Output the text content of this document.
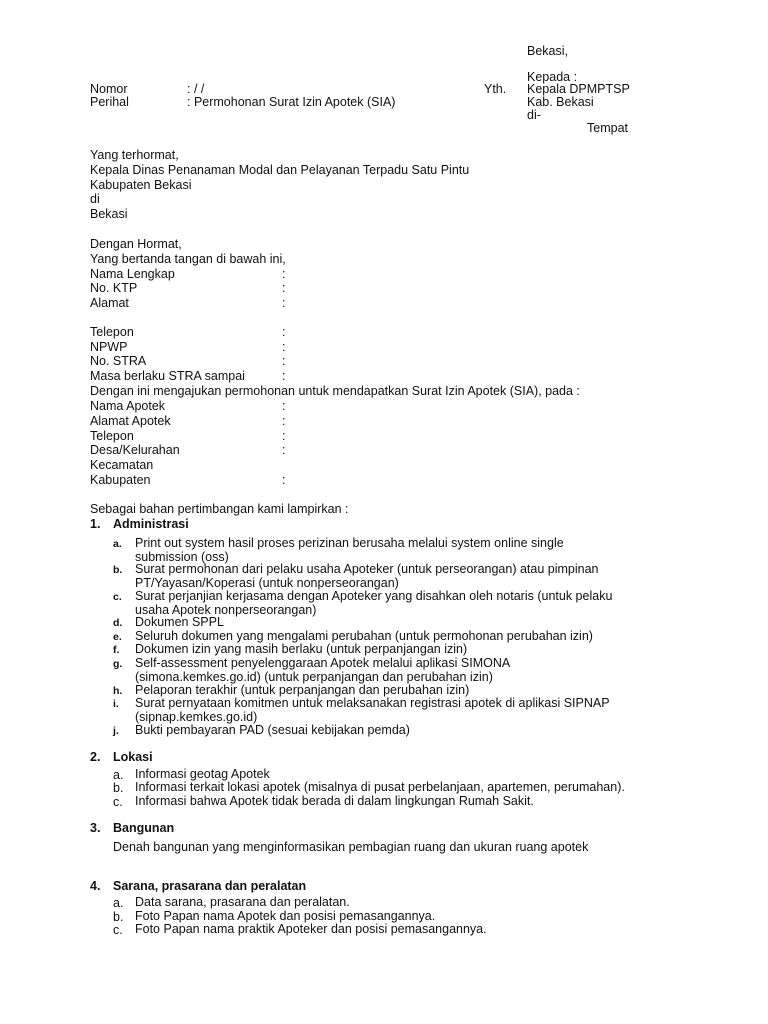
Bekasi,
Kepada :
Nomor	: / /	Yth. Kepala DPMPTSP
Perihal	: Permohonan Surat Izin Apotek (SIA)	Kab. Bekasi
di-
Tempat
Yang terhormat,
Kepala Dinas Penanaman Modal dan Pelayanan Terpadu Satu Pintu
Kabupaten Bekasi
di
Bekasi
Dengan Hormat,
Yang bertanda tangan di bawah ini,
Nama Lengkap	:
No. KTP	:
Alamat	:
Telepon	:
NPWP	:
No. STRA	:
Masa berlaku STRA sampai	:
Dengan ini mengajukan permohonan untuk mendapatkan Surat Izin Apotek (SIA), pada :
Nama Apotek	:
Alamat Apotek	:
Telepon	:
Desa/Kelurahan	:
Kecamatan
Kabupaten	:
Sebagai bahan pertimbangan kami lampirkan :
1. Administrasi
a. Print out system hasil proses perizinan berusaha melalui system online single
submission (oss)
b. Surat permohonan dari pelaku usaha Apoteker (untuk perseorangan) atau pimpinan
PT/Yayasan/Koperasi (untuk nonperseorangan)
c. Surat perjanjian kerjasama dengan Apoteker yang disahkan oleh notaris (untuk pelaku
usaha Apotek nonperseorangan)
d. Dokumen SPPL
e. Seluruh dokumen yang mengalami perubahan (untuk permohonan perubahan izin)
f. Dokumen izin yang masih berlaku (untuk perpanjangan izin)
g. Self-assessment penyelenggaraan Apotek melalui aplikasi SIMONA
(simona.kemkes.go.id) (untuk perpanjangan dan perubahan izin)
h. Pelaporan terakhir (untuk perpanjangan dan perubahan izin)
i. Surat pernyataan komitmen untuk melaksanakan registrasi apotek di aplikasi SIPNAP
(sipnap.kemkes.go.id)
j. Bukti pembayaran PAD (sesuai kebijakan pemda)
2. Lokasi
a. Informasi geotag Apotek
b. Informasi terkait lokasi apotek (misalnya di pusat perbelanjaan, apartemen, perumahan).
c. Informasi bahwa Apotek tidak berada di dalam lingkungan Rumah Sakit.
3. Bangunan
Denah bangunan yang menginformasikan pembagian ruang dan ukuran ruang apotek
4. Sarana, prasarana dan peralatan
a. Data sarana, prasarana dan peralatan.
b. Foto Papan nama Apotek dan posisi pemasangannya.
c. Foto Papan nama praktik Apoteker dan posisi pemasangannya.
